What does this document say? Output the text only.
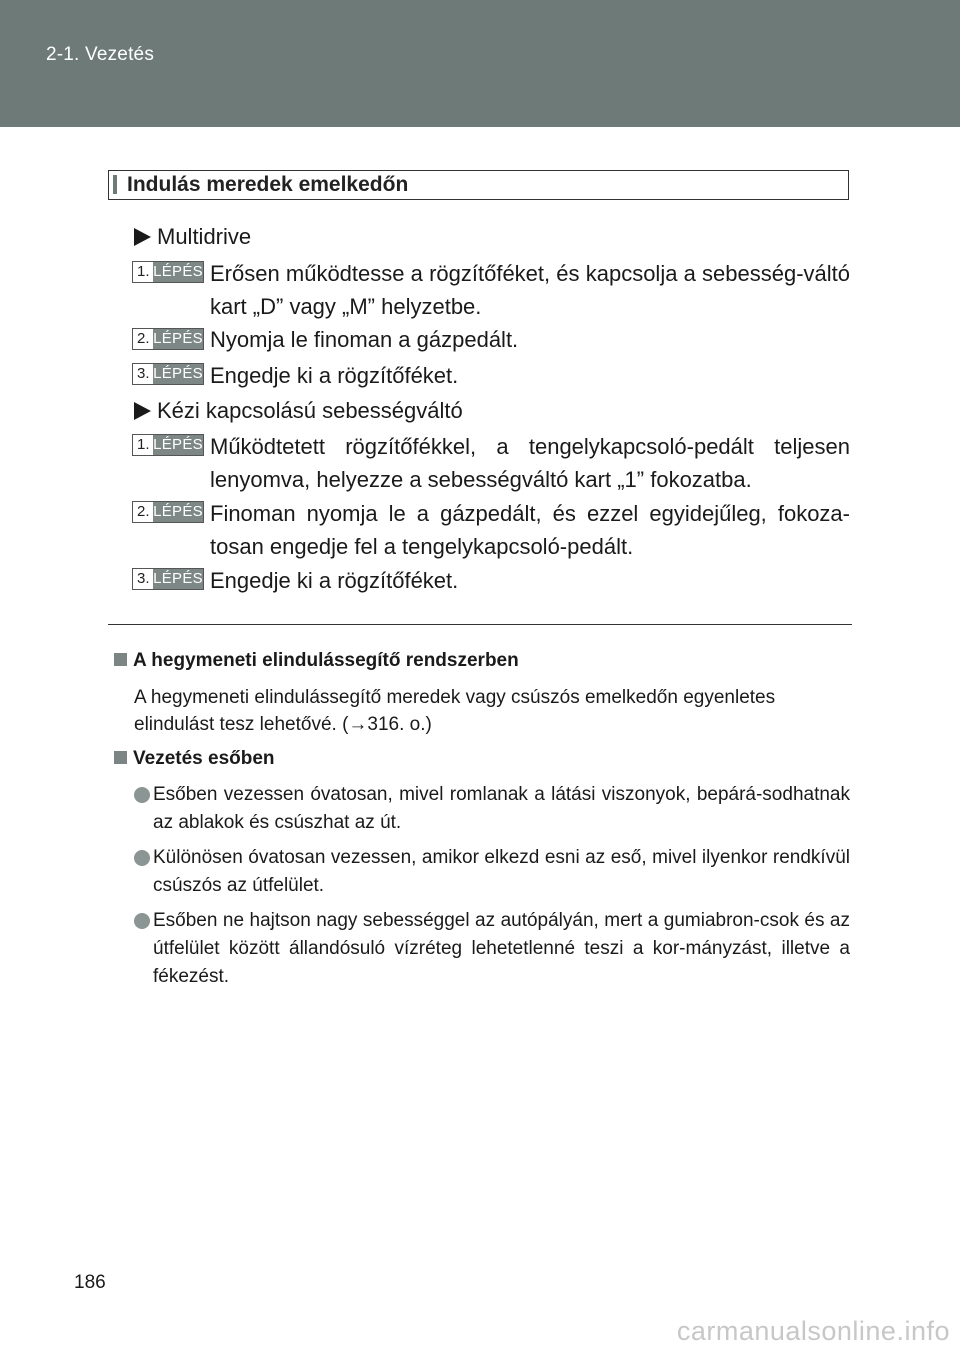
2-1. Vezetés
Indulás meredek emelkedőn
Multidrive
1. LÉPÉS Erősen működtesse a rögzítőféket, és kapcsolja a sebesség-váltó kart „D” vagy „M” helyzetbe.
2. LÉPÉS Nyomja le finoman a gázpedált.
3. LÉPÉS Engedje ki a rögzítőféket.
Kézi kapcsolású sebességváltó
1. LÉPÉS Működtetett rögzítőfékkel, a tengelykapcsoló-pedált teljesen lenyomva, helyezze a sebességváltó kart „1” fokozatba.
2. LÉPÉS Finoman nyomja le a gázpedált, és ezzel egyidejűleg, fokoza-tosan engedje fel a tengelykapcsoló-pedált.
3. LÉPÉS Engedje ki a rögzítőféket.
A hegymeneti elindulássegítő rendszerben
A hegymeneti elindulássegítő meredek vagy csúszós emelkedőn egyenletes elindulást tesz lehetővé. (→316. o.)
Vezetés esőben
Esőben vezessen óvatosan, mivel romlanak a látási viszonyok, bepárá-sodhatnak az ablakok és csúszhat az út.
Különösen óvatosan vezessen, amikor elkezd esni az eső, mivel ilyenkor rendkívül csúszós az útfelület.
Esőben ne hajtson nagy sebességgel az autópályán, mert a gumiabron-csok és az útfelület között állandósuló vízréteg lehetetlenné teszi a kor-mányzást, illetve a fékezést.
186
carmanualsonline.info
